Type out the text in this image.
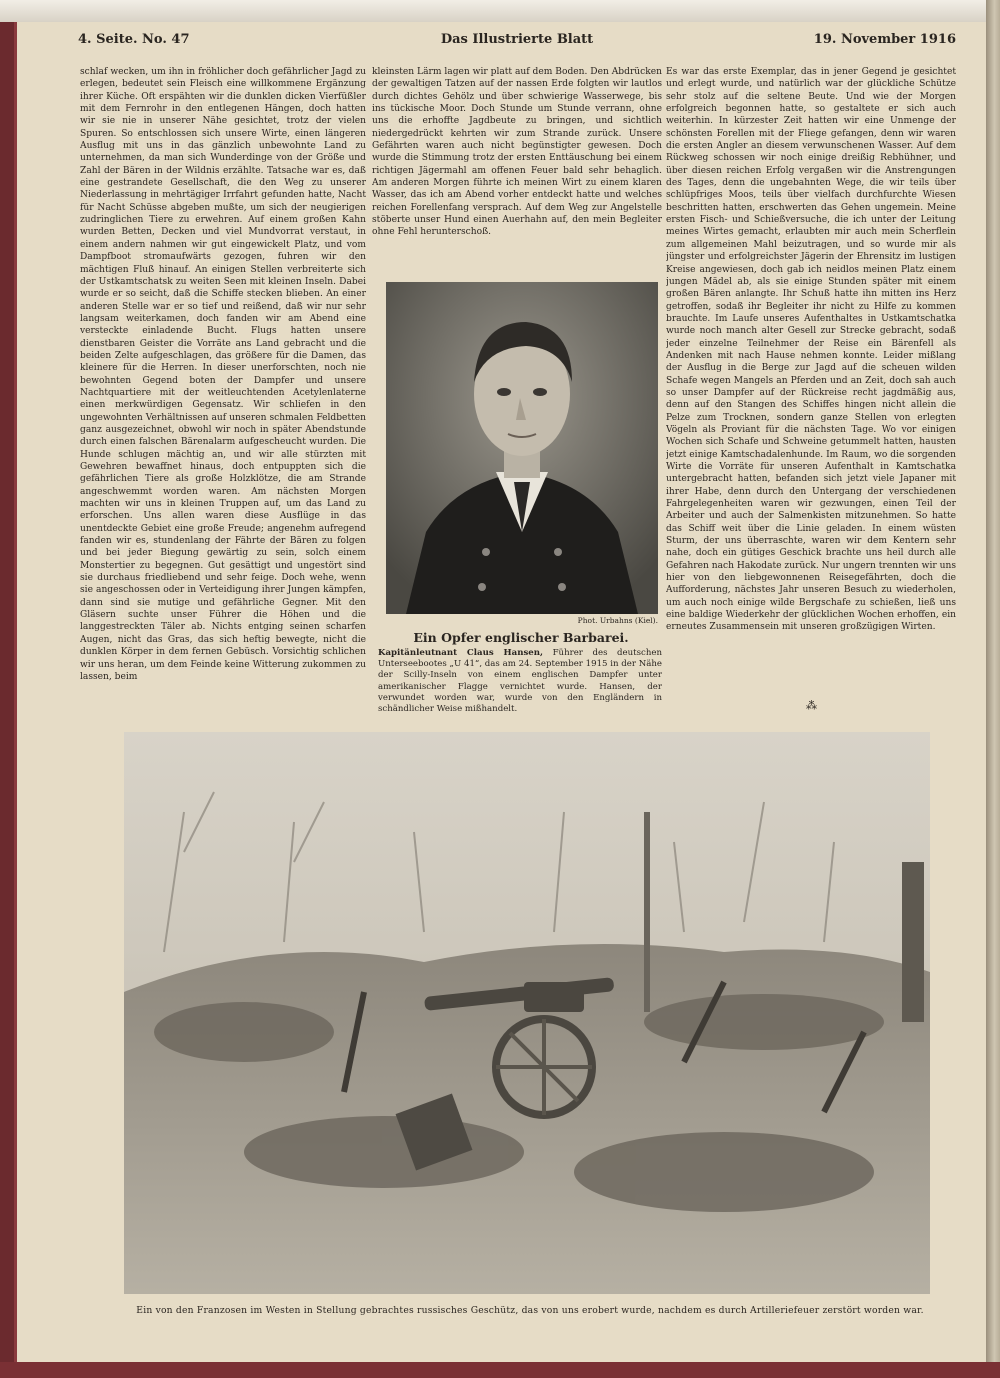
4. Seite. No. 47	Das Illustrierte Blatt	19. November 1916
schlaf wecken, um ihn in fröhlicher doch gefährlicher Jagd zu erlegen, bedeutet sein Fleisch eine willkommene Ergänzung ihrer Küche. Oft erspähten wir die dunklen dicken Vierfüßler mit dem Fernrohr in den entlegenen Hängen, doch hatten wir sie nie in unserer Nähe gesichtet, trotz der vielen Spuren. So entschlossen sich unsere Wirte, einen längeren Ausflug mit uns in das gänzlich unbewohnte Land zu unternehmen, da man sich Wunderdinge von der Größe und Zahl der Bären in der Wildnis erzählte. Tatsache war es, daß eine gestrandete Gesellschaft, die den Weg zu unserer Niederlassung in mehrtägiger Irrfahrt gefunden hatte, Nacht für Nacht Schüsse abgeben mußte, um sich der neugierigen zudringlichen Tiere zu erwehren. Auf einem großen Kahn wurden Betten, Decken und viel Mundvorrat verstaut, in einem andern nahmen wir gut eingewickelt Platz, und vom Dampfboot stromaufwärts gezogen, fuhren wir den mächtigen Fluß hinauf. An einigen Stellen verbreiterte sich der Ustkamtschatsk zu weiten Seen mit kleinen Inseln. Dabei wurde er so seicht, daß die Schiffe stecken blieben. An einer anderen Stelle war er so tief und reißend, daß wir nur sehr langsam weiterkamen, doch fanden wir am Abend eine versteckte einladende Bucht. Flugs hatten unsere dienstbaren Geister die Vorräte ans Land gebracht und die beiden Zelte aufgeschlagen, das größere für die Damen, das kleinere für die Herren. In dieser unerforschten, noch nie bewohnten Gegend boten der Dampfer und unsere Nachtquartiere mit der weitleuchtenden Acetylenlaterne einen merkwürdigen Gegensatz. Wir schliefen in den ungewohnten Verhältnissen auf unseren schmalen Feldbetten ganz ausgezeichnet, obwohl wir noch in später Abendstunde durch einen falschen Bärenalarm aufgescheucht wurden. Die Hunde schlugen mächtig an, und wir alle stürzten mit Gewehren bewaffnet hinaus, doch entpuppten sich die gefährlichen Tiere als große Holzklötze, die am Strande angeschwemmt worden waren. Am nächsten Morgen machten wir uns in kleinen Truppen auf, um das Land zu erforschen. Uns allen waren diese Ausflüge in das unentdeckte Gebiet eine große Freude; angenehm aufregend fanden wir es, stundenlang der Fährte der Bären zu folgen und bei jeder Biegung gewärtig zu sein, solch einem Monstertier zu begegnen. Gut gesättigt und ungestört sind sie durchaus friedliebend und sehr feige. Doch wehe, wenn sie angeschossen oder in Verteidigung ihrer Jungen kämpfen, dann sind sie mutige und gefährliche Gegner. Mit den Gläsern suchte unser Führer die Höhen und die langgestreckten Täler ab. Nichts entging seinen scharfen Augen, nicht das Gras, das sich heftig bewegte, nicht die dunklen Körper in dem fernen Gebüsch. Vorsichtig schlichen wir uns heran, um dem Feinde keine Witterung zukommen zu lassen, beim
kleinsten Lärm lagen wir platt auf dem Boden. Den Abdrücken der gewaltigen Tatzen auf der nassen Erde folgten wir lautlos durch dichtes Gehölz und über schwierige Wasserwege, bis ins tückische Moor. Doch Stunde um Stunde verrann, ohne uns die erhoffte Jagdbeute zu bringen, und sichtlich niedergedrückt kehrten wir zum Strande zurück. Unsere Gefährten waren auch nicht begünstigter gewesen. Doch wurde die Stimmung trotz der ersten Enttäuschung bei einem richtigen Jägermahl am offenen Feuer bald sehr behaglich. Am anderen Morgen führte ich meinen Wirt zu einem klaren Wasser, das ich am Abend vorher entdeckt hatte und welches reichen Forellenfang versprach. Auf dem Weg zur Angelstelle stöberte unser Hund einen Auerhahn auf, den mein Begleiter ohne Fehl herunterschoß.
Es war das erste Exemplar, das in jener Gegend je gesichtet und erlegt wurde, und natürlich war der glückliche Schütze sehr stolz auf die seltene Beute. Und wie der Morgen erfolgreich begonnen hatte, so gestaltete er sich auch weiterhin. In kürzester Zeit hatten wir eine Unmenge der schönsten Forellen mit der Fliege gefangen, denn wir waren die ersten Angler an diesem verwunschenen Wasser. Auf dem Rückweg schossen wir noch einige dreißig Rebhühner, und über diesen reichen Erfolg vergaßen wir die Anstrengungen des Tages, denn die ungebahnten Wege, die wir teils über schlüpfriges Moos, teils über vielfach durchfurchte Wiesen beschritten hatten, erschwerten das Gehen ungemein. Meine ersten Fisch- und Schießversuche, die ich unter der Leitung meines Wirtes gemacht, erlaubten mir auch mein Scherflein zum allgemeinen Mahl beizutragen, und so wurde mir als jüngster und erfolgreichster Jägerin der Ehrensitz im lustigen Kreise angewiesen, doch gab ich neidlos meinen Platz einem jungen Mädel ab, als sie einige Stunden später mit einem großen Bären anlangte. Ihr Schuß hatte ihn mitten ins Herz getroffen, sodaß ihr Begleiter ihr nicht zu Hilfe zu kommen brauchte. Im Laufe unseres Aufenthaltes in Ustkamtschatka wurde noch manch alter Gesell zur Strecke gebracht, sodaß jeder einzelne Teilnehmer der Reise ein Bärenfell als Andenken mit nach Hause nehmen konnte. Leider mißlang der Ausflug in die Berge zur Jagd auf die scheuen wilden Schafe wegen Mangels an Pferden und an Zeit, doch sah auch so unser Dampfer auf der Rückreise recht jagdmäßig aus, denn auf den Stangen des Schiffes hingen nicht allein die Pelze zum Trocknen, sondern ganze Stellen von erlegten Vögeln als Proviant für die nächsten Tage. Wo vor einigen Wochen sich Schafe und Schweine getummelt hatten, hausten jetzt einige Kamtschadalenhunde. Im Raum, wo die sorgenden Wirte die Vorräte für unseren Aufenthalt in Kamtschatka untergebracht hatten, befanden sich jetzt viele Japaner mit ihrer Habe, denn durch den Untergang der verschiedenen Fahrgelegenheiten waren wir gezwungen, einen Teil der Arbeiter und auch der Salmenkisten mitzunehmen. So hatte das Schiff weit über die Linie geladen. In einem wüsten Sturm, der uns überraschte, waren wir dem Kentern sehr nahe, doch ein gütiges Geschick brachte uns heil durch alle Gefahren nach Hakodate zurück. Nur ungern trennten wir uns hier von den liebgewonnenen Reisegefährten, doch die Aufforderung, nächstes Jahr unseren Besuch zu wiederholen, um auch noch einige wilde Bergschafe zu schießen, ließ uns eine baldige Wiederkehr der glücklichen Wochen erhoffen, ein erneutes Zusammensein mit unseren großzügigen Wirten.
Phot. Urbahns (Kiel).
Ein Opfer englischer Barbarei.
Kapitänleutnant Claus Hansen, Führer des deutschen Unterseebootes „U 41“, das am 24. September 1915 in der Nähe der Scilly-Inseln von einem englischen Dampfer unter amerikanischer Flagge vernichtet wurde. Hansen, der verwundet worden war, wurde von den Engländern in schändlicher Weise mißhandelt.	⁂
Ein von den Franzosen im Westen in Stellung gebrachtes russisches Geschütz, das von uns erobert wurde, nachdem es durch Artilleriefeuer zerstört worden war.
